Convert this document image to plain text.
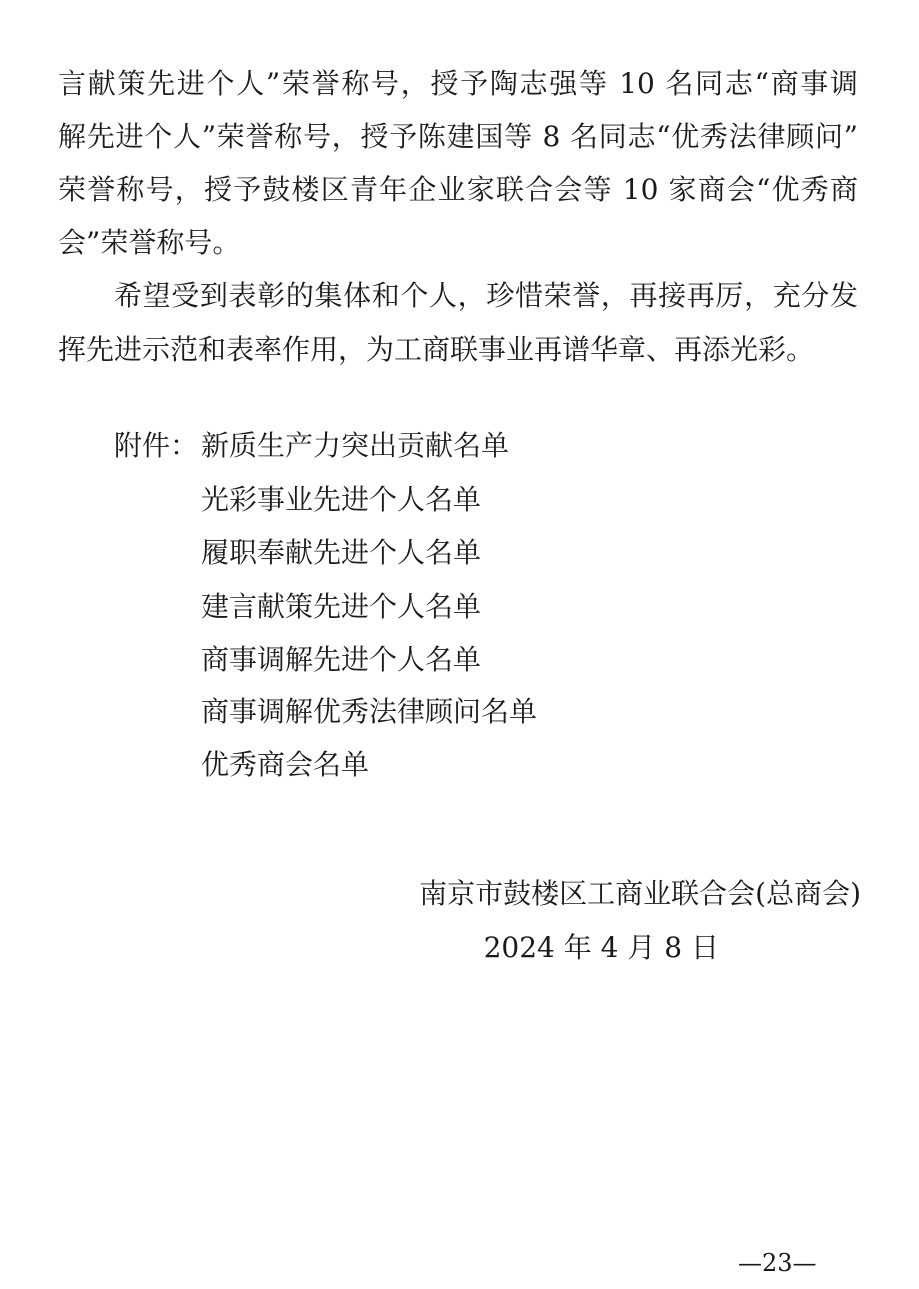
言献策先进个人”荣誉称号，授予陶志强等 10 名同志“商事调
解先进个人”荣誉称号，授予陈建国等 8 名同志“优秀法律顾问”
荣誉称号，授予鼓楼区青年企业家联合会等 10 家商会“优秀商
会”荣誉称号。
希望受到表彰的集体和个人，珍惜荣誉，再接再厉，充分发
挥先进示范和表率作用，为工商联事业再谱华章、再添光彩。
附件： 新质生产力突出贡献名单
光彩事业先进个人名单
履职奉献先进个人名单
建言献策先进个人名单
商事调解先进个人名单
商事调解优秀法律顾问名单
优秀商会名单
南京市鼓楼区工商业联合会(总商会)
2024 年 4 月 8 日
—23—
